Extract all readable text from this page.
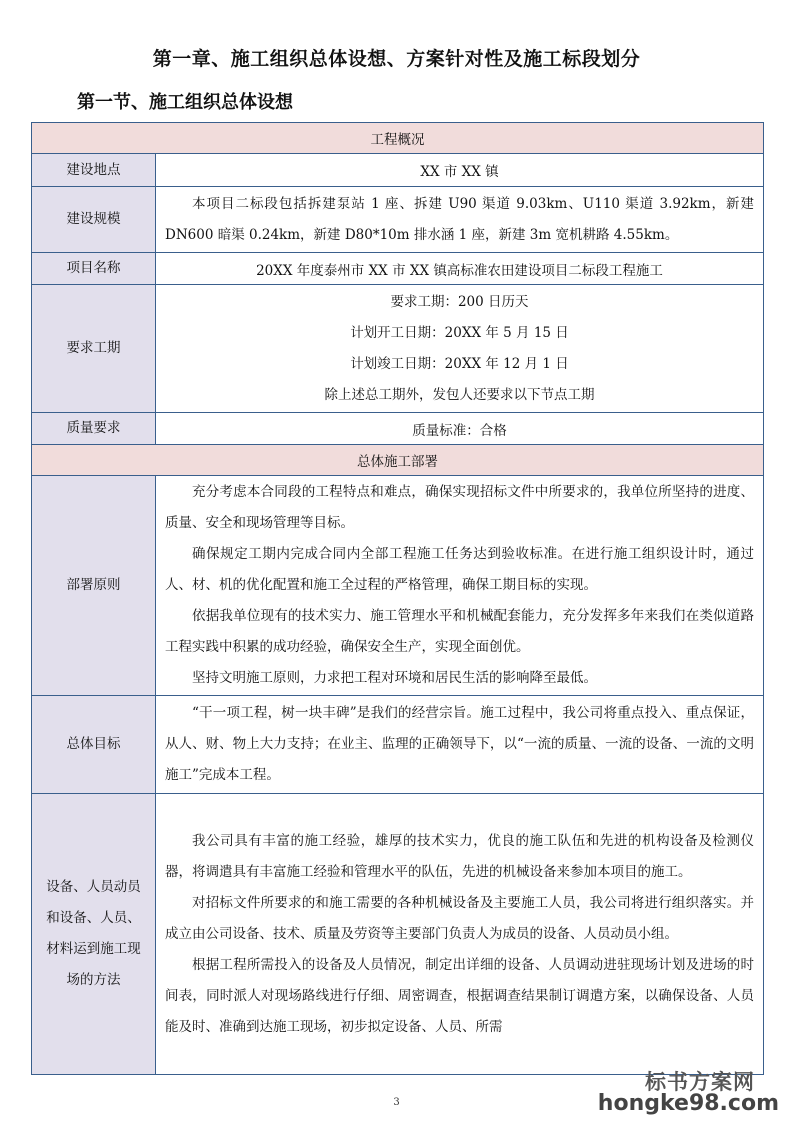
第一章、施工组织总体设想、方案针对性及施工标段划分
第一节、施工组织总体设想
工程概况	
建设地点	XX 市 XX 镇
建设规模	本项目二标段包括拆建泵站 1 座、拆建 U90 渠道 9.03km、U110 渠道 3.92km，新建 DN600 暗渠 0.24km，新建 D80*10m 排水涵 1 座，新建 3m 宽机耕路 4.55km。

项目名称	20XX 年度泰州市 XX 市 XX 镇高标准农田建设项目二标段工程施工
要求工期	要求工期：200 日历天
计划开工日期：20XX 年 5 月 15 日
计划竣工日期：20XX 年 12 月 1 日
除上述总工期外，发包人还要求以下节点工期

质量要求	质量标准：合格
总体施工部署	
部署原则	充分考虑本合同段的工程特点和难点，确保实现招标文件中所要求的，我单位所坚持的进度、质量、安全和现场管理等目标。

确保规定工期内完成合同内全部工程施工任务达到验收标准。在进行施工组织设计时，通过人、材、机的优化配置和施工全过程的严格管理，确保工期目标的实现。

依据我单位现有的技术实力、施工管理水平和机械配套能力，充分发挥多年来我们在类似道路工程实践中积累的成功经验，确保安全生产，实现全面创优。

坚持文明施工原则，力求把工程对环境和居民生活的影响降至最低。

总体目标	“干一项工程，树一块丰碑”是我们的经营宗旨。施工过程中，我公司将重点投入、重点保证，从人、财、物上大力支持；在业主、监理的正确领导下，以“一流的质量、一流的设备、一流的文明施工”完成本工程。

设备、人员动员和设备、人员、材料运到施工现场的方法	我公司具有丰富的施工经验，雄厚的技术实力，优良的施工队伍和先进的机构设备及检测仪器，将调遣具有丰富施工经验和管理水平的队伍，先进的机械设备来参加本项目的施工。

对招标文件所要求的和施工需要的各种机械设备及主要施工人员，我公司将进行组织落实。并成立由公司设备、技术、质量及劳资等主要部门负责人为成员的设备、人员动员小组。

根据工程所需投入的设备及人员情况，制定出详细的设备、人员调动进驻现场计划及进场的时间表，同时派人对现场路线进行仔细、周密调查，根据调查结果制订调遣方案，以确保设备、人员能及时、准确到达施工现场，初步拟定设备、人员、所需

3
标书方案网
hongke98.com
